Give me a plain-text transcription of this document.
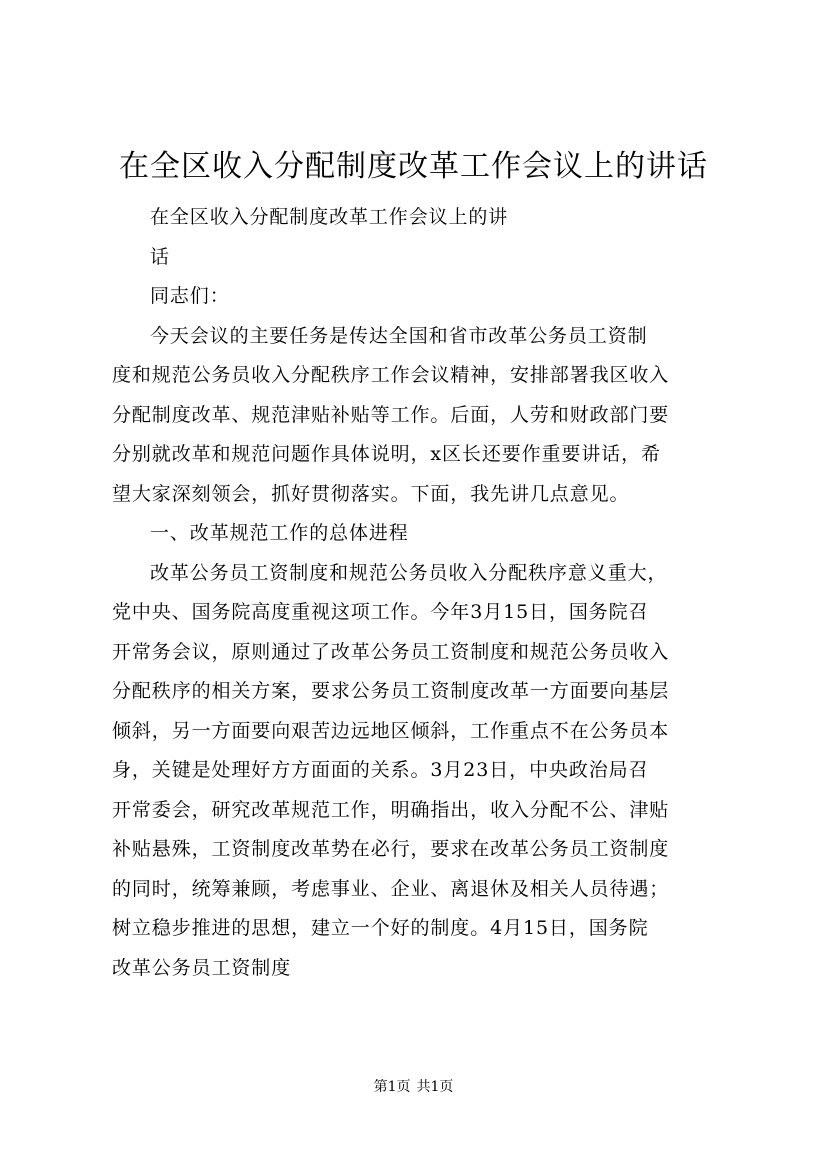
在全区收入分配制度改革工作会议上的讲话
在全区收入分配制度改革工作会议上的讲
话
同志们：
今天会议的主要任务是传达全国和省市改革公务员工资制
度和规范公务员收入分配秩序工作会议精神，安排部署我区收入
分配制度改革、规范津贴补贴等工作。后面，人劳和财政部门要
分别就改革和规范问题作具体说明，x区长还要作重要讲话，希
望大家深刻领会，抓好贯彻落实。下面，我先讲几点意见。
一、改革规范工作的总体进程
改革公务员工资制度和规范公务员收入分配秩序意义重大，
党中央、国务院高度重视这项工作。今年3月15日，国务院召
开常务会议，原则通过了改革公务员工资制度和规范公务员收入
分配秩序的相关方案，要求公务员工资制度改革一方面要向基层
倾斜，另一方面要向艰苦边远地区倾斜，工作重点不在公务员本
身，关键是处理好方方面面的关系。3月23日，中央政治局召
开常委会，研究改革规范工作，明确指出，收入分配不公、津贴
补贴悬殊，工资制度改革势在必行，要求在改革公务员工资制度
的同时，统筹兼顾，考虑事业、企业、离退休及相关人员待遇；
树立稳步推进的思想，建立一个好的制度。4月15日，国务院
改革公务员工资制度
第1页 共1页
